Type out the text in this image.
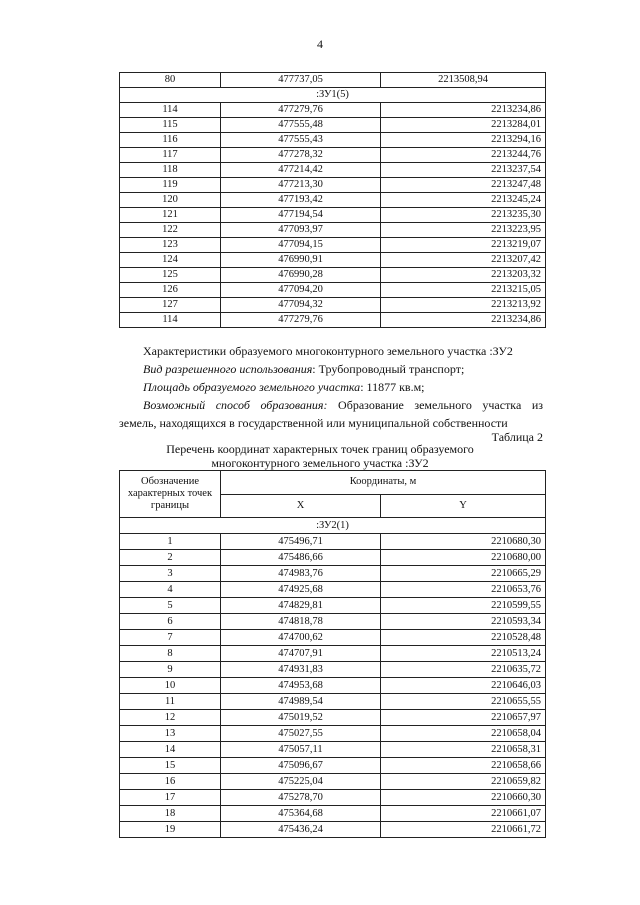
4
80	477737,05	2213508,94
:ЗУ1(5)		
114	477279,76	2213234,86
115	477555,48	2213284,01
116	477555,43	2213294,16
117	477278,32	2213244,76
118	477214,42	2213237,54
119	477213,30	2213247,48
120	477193,42	2213245,24
121	477194,54	2213235,30
122	477093,97	2213223,95
123	477094,15	2213219,07
124	476990,91	2213207,42
125	476990,28	2213203,32
126	477094,20	2213215,05
127	477094,32	2213213,92
114	477279,76	2213234,86
Характеристики образуемого многоконтурного земельного участка :ЗУ2
Вид разрешенного использования: Трубопроводный транспорт;
Площадь образуемого земельного участка: 11877 кв.м;
Возможный способ образования: Образование земельного участка из
земель, находящихся в государственной или муниципальной собственности
Таблица 2
Перечень координат характерных точек границ образуемого
многоконтурного земельного участка :ЗУ2
Обозначение характерных точек границы	Координаты, м	
	X	Y
:ЗУ2(1)		
1	475496,71	2210680,30
2	475486,66	2210680,00
3	474983,76	2210665,29
4	474925,68	2210653,76
5	474829,81	2210599,55
6	474818,78	2210593,34
7	474700,62	2210528,48
8	474707,91	2210513,24
9	474931,83	2210635,72
10	474953,68	2210646,03
11	474989,54	2210655,55
12	475019,52	2210657,97
13	475027,55	2210658,04
14	475057,11	2210658,31
15	475096,67	2210658,66
16	475225,04	2210659,82
17	475278,70	2210660,30
18	475364,68	2210661,07
19	475436,24	2210661,72
